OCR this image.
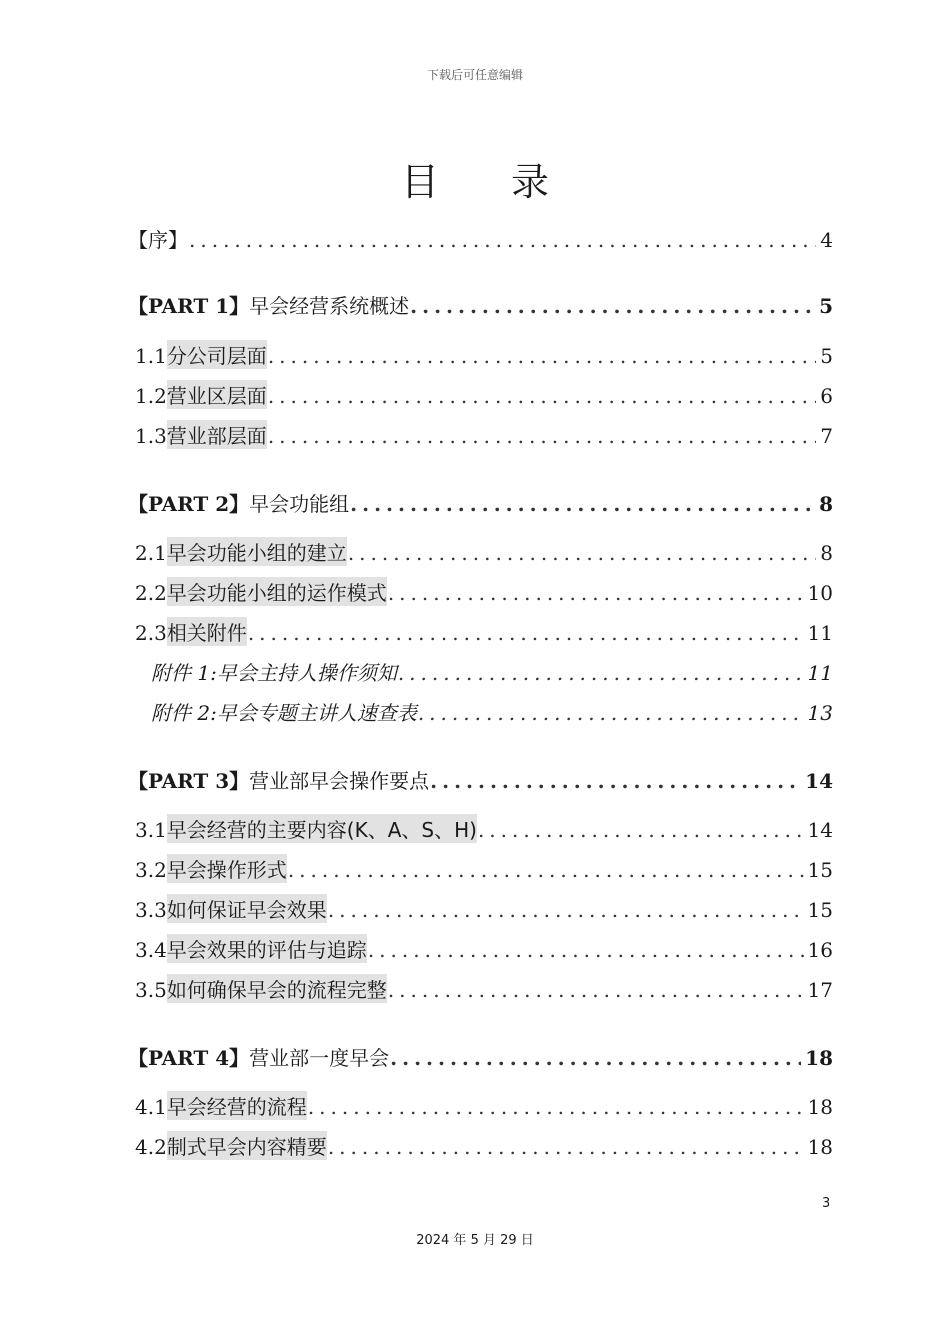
下载后可任意编辑
目 录
【序】 .....	4
【PART 1】 早会经营系统概述 .....	5
1.1 分公司层面 .....	5
1.2 营业区层面 .....	6
1.3 营业部层面 .....	7
【PART 2】 早会功能组 .....	8
2.1 早会功能小组的建立 .....	8
2.2 早会功能小组的运作模式 .....	10
2.3 相关附件 .....	11
附件 1: 早会主持人操作须知 .....	11
附件 2: 早会专题主讲人速查表 .....	13
【PART 3】 营业部早会操作要点 .....	14
3.1 早会经营的主要内容(K、A、S、H) .....	14
3.2 早会操作形式 .....	15
3.3 如何保证早会效果 .....	15
3.4 早会效果的评估与追踪 .....	16
3.5 如何确保早会的流程完整 .....	17
【PART 4】 营业部一度早会 .....	18
4.1 早会经营的流程 .....	18
4.2 制式早会内容精要 .....	18
3
2024 年 5 月 29 日
